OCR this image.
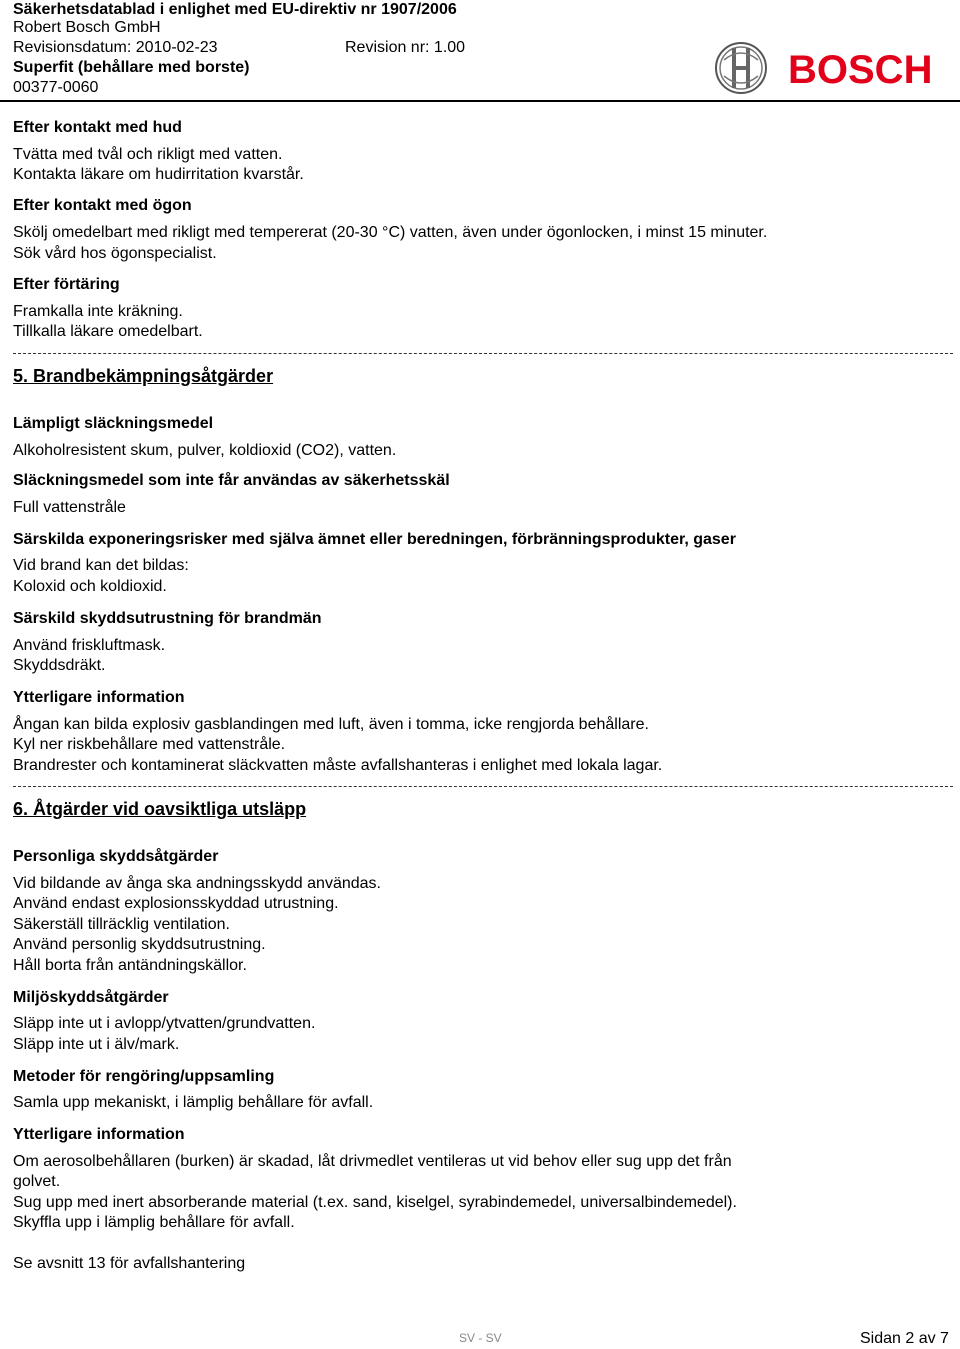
Säkerhetsdatablad i enlighet med EU-direktiv nr 1907/2006
Robert Bosch GmbH
Revisionsdatum: 2010-02-23	Revision nr: 1.00
Superfit (behållare med borste)
00377-0060	BOSCH
Efter kontakt med hud
Tvätta med tvål och rikligt med vatten.
Kontakta läkare om hudirritation kvarstår.
Efter kontakt med ögon
Skölj omedelbart med rikligt med tempererat (20-30 °C) vatten, även under ögonlocken, i minst 15 minuter.
Sök vård hos ögonspecialist.
Efter förtäring
Framkalla inte kräkning.
Tillkalla läkare omedelbart.
5. Brandbekämpningsåtgärder
Lämpligt släckningsmedel
Alkoholresistent skum, pulver, koldioxid (CO2), vatten.
Släckningsmedel som inte får användas av säkerhetsskäl
Full vattenstråle
Särskilda exponeringsrisker med själva ämnet eller beredningen, förbränningsprodukter, gaser
Vid brand kan det bildas:
Koloxid och koldioxid.
Särskild skyddsutrustning för brandmän
Använd friskluftmask.
Skyddsdräkt.
Ytterligare information
Ångan kan bilda explosiv gasblandingen med luft, även i tomma, icke rengjorda behållare.
Kyl ner riskbehållare med vattenstråle.
Brandrester och kontaminerat släckvatten måste avfallshanteras i enlighet med lokala lagar.
6. Åtgärder vid oavsiktliga utsläpp
Personliga skyddsåtgärder
Vid bildande av ånga ska andningsskydd användas.
Använd endast explosionsskyddad utrustning.
Säkerställ tillräcklig ventilation.
Använd personlig skyddsutrustning.
Håll borta från antändningskällor.
Miljöskyddsåtgärder
Släpp inte ut i avlopp/ytvatten/grundvatten.
Släpp inte ut i älv/mark.
Metoder för rengöring/uppsamling
Samla upp mekaniskt, i lämplig behållare för avfall.
Ytterligare information
Om aerosolbehållaren (burken) är skadad, låt drivmedlet ventileras ut vid behov eller sug upp det från
golvet.
Sug upp med inert absorberande material (t.ex. sand, kiselgel, syrabindemedel, universalbindemedel).
Skyffla upp i lämplig behållare för avfall.
Se avsnitt 13 för avfallshantering
SV - SV	Sidan 2 av 7
